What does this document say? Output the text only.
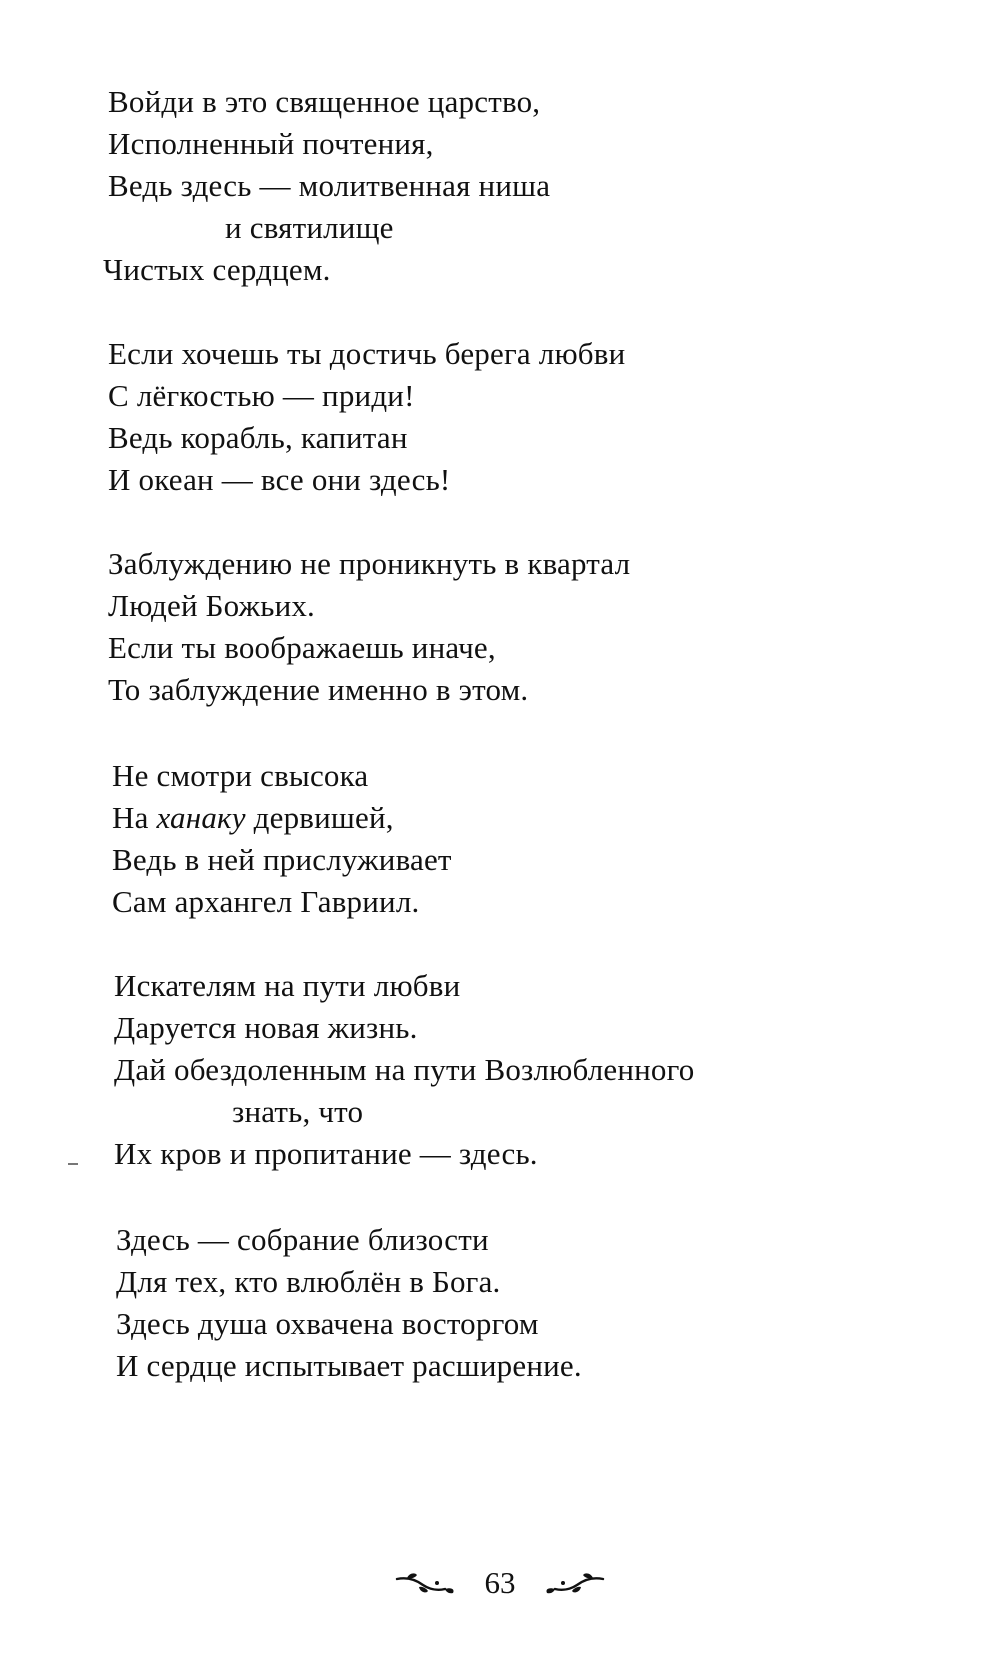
Войди в это священное царство,
Исполненный почтения,
Ведь здесь — молитвенная ниша
и святилище
Чистых сердцем.
Если хочешь ты достичь берега любви
С лёгкостью — приди!
Ведь корабль, капитан
И океан — все они здесь!
Заблуждению не проникнуть в квартал
Людей Божьих.
Если ты воображаешь иначе,
То заблуждение именно в этом.
Не смотри свысока
На ханаку дервишей,
Ведь в ней прислуживает
Сам архангел Гавриил.
Искателям на пути любви
Даруется новая жизнь.
Дай обездоленным на пути Возлюбленного
знать, что
Их кров и пропитание — здесь.
Здесь — собрание близости
Для тех, кто влюблён в Бога.
Здесь душа охвачена восторгом
И сердце испытывает расширение.
63
